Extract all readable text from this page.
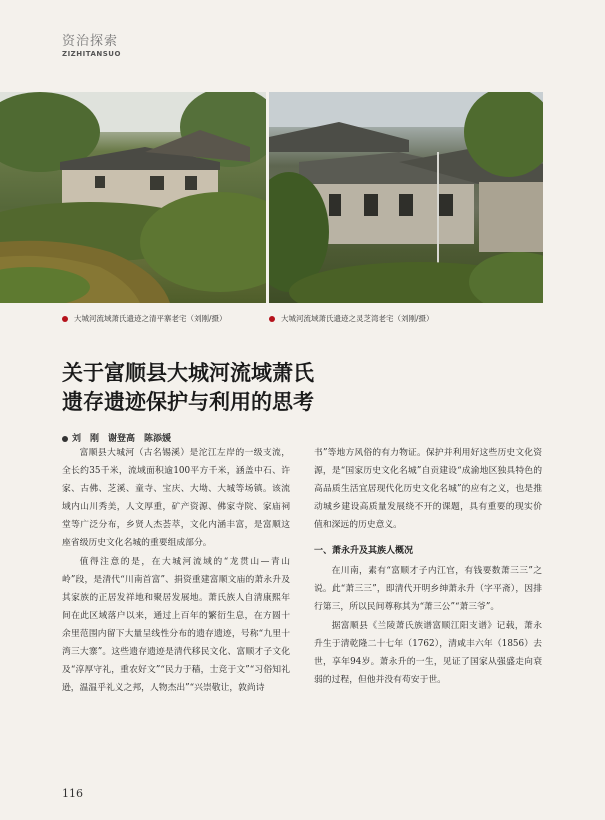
资治探索
ZIZHITANSUO
大城河流域萧氏遗迹之清平寨老宅（刘刚/摄）	大城河流域萧氏遗迹之灵芝湾老宅（刘刚/摄）
关于富顺县大城河流域萧氏
遗存遗迹保护与利用的思考
刘　刚　谢登高　陈添媛

富顺县大城河（古名锡溪）是沱江左岸的一级支流，全长约35千米，流域面积逾100平方千米，涵盖中石、许家、古佛、芝溪、童寺、宝庆、大坳、大城等场镇。该流域内山川秀美，人文厚重，矿产资源、佛家寺院、家庙祠堂等广泛分布，乡贤人杰荟萃，文化内涵丰富，是富顺这座省级历史文化名城的重要组成部分。

值得注意的是，在大城河流域的“龙贯山—青山岭”段，是清代“川南首富”、捐资重建富顺文庙的萧永升及其家族的正居发祥地和聚居发展地。萧氏族人自清康熙年间在此区域落户以来，通过上百年的繁衍生息，在方圆十余里范围内留下大量呈线性分布的遗存遗迹，号称“九里十湾三大寨”。这些遗存遗迹是清代移民文化、富顺才子文化及“淳厚守礼，重农好文”“民力于穑，士竞于文”“习俗知礼逊，温温乎礼义之邦，人物杰出”“兴崇敬让，敦尚诗

书”等地方风俗的有力物证。保护并利用好这些历史文化资源，是“国家历史文化名城”自贡建设“成渝地区独具特色的高品质生活宜居现代化历史文化名城”的应有之义，也是推动城乡建设高质量发展绕不开的课题，具有重要的现实价值和深远的历史意义。

一、萧永升及其族人概况

在川南，素有“富顺才子内江官，有钱要数萧三三”之说。此“萧三三”，即清代开明乡绅萧永升（字平斋），因排行第三，所以民间尊称其为“萧三公”“萧三爷”。

据富顺县《兰陵萧氏族谱富顺江阳支谱》记载，萧永升生于清乾隆二十七年（1762），清咸丰六年（1856）去世，享年94岁。萧永升的一生，见证了国家从强盛走向衰弱的过程，但他并没有苟安于世。

116
